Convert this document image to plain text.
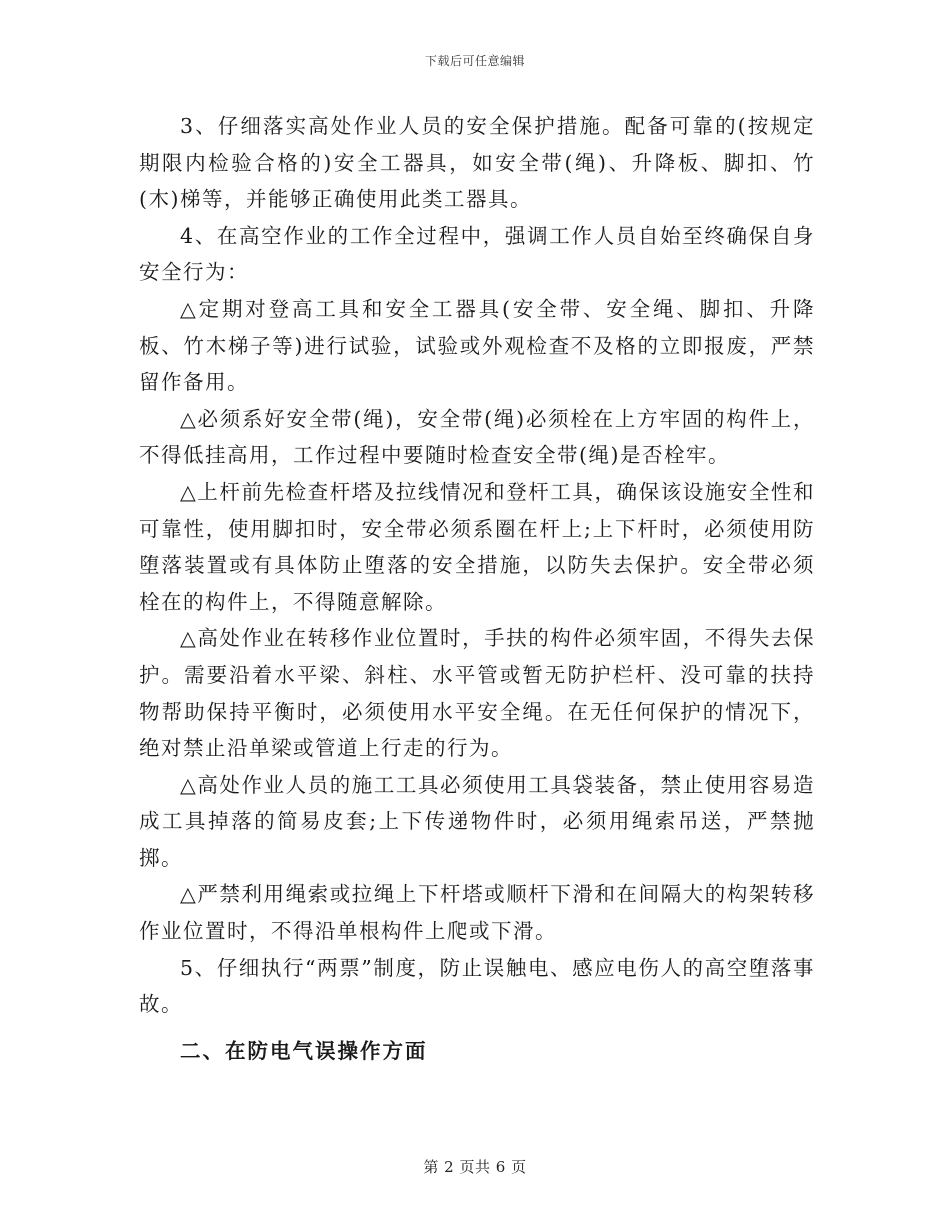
下载后可任意编辑

3、仔细落实高处作业人员的安全保护措施。配备可靠的(按规定期限内检验合格的)安全工器具，如安全带(绳)、升降板、脚扣、竹(木)梯等，并能够正确使用此类工器具。

4、在高空作业的工作全过程中，强调工作人员自始至终确保自身安全行为：

△定期对登高工具和安全工器具(安全带、安全绳、脚扣、升降板、竹木梯子等)进行试验，试验或外观检查不及格的立即报废，严禁留作备用。

△必须系好安全带(绳)，安全带(绳)必须栓在上方牢固的构件上，不得低挂高用，工作过程中要随时检查安全带(绳)是否栓牢。

△上杆前先检查杆塔及拉线情况和登杆工具，确保该设施安全性和可靠性，使用脚扣时，安全带必须系圈在杆上;上下杆时，必须使用防堕落装置或有具体防止堕落的安全措施，以防失去保护。安全带必须栓在的构件上，不得随意解除。

△高处作业在转移作业位置时，手扶的构件必须牢固，不得失去保护。需要沿着水平梁、斜柱、水平管或暂无防护栏杆、没可靠的扶持物帮助保持平衡时，必须使用水平安全绳。在无任何保护的情况下，绝对禁止沿单梁或管道上行走的行为。

△高处作业人员的施工工具必须使用工具袋装备，禁止使用容易造成工具掉落的简易皮套;上下传递物件时，必须用绳索吊送，严禁抛掷。

△严禁利用绳索或拉绳上下杆塔或顺杆下滑和在间隔大的构架转移作业位置时，不得沿单根构件上爬或下滑。

5、仔细执行“两票”制度，防止误触电、感应电伤人的高空堕落事故。

二、在防电气误操作方面

第 2 页共 6 页
